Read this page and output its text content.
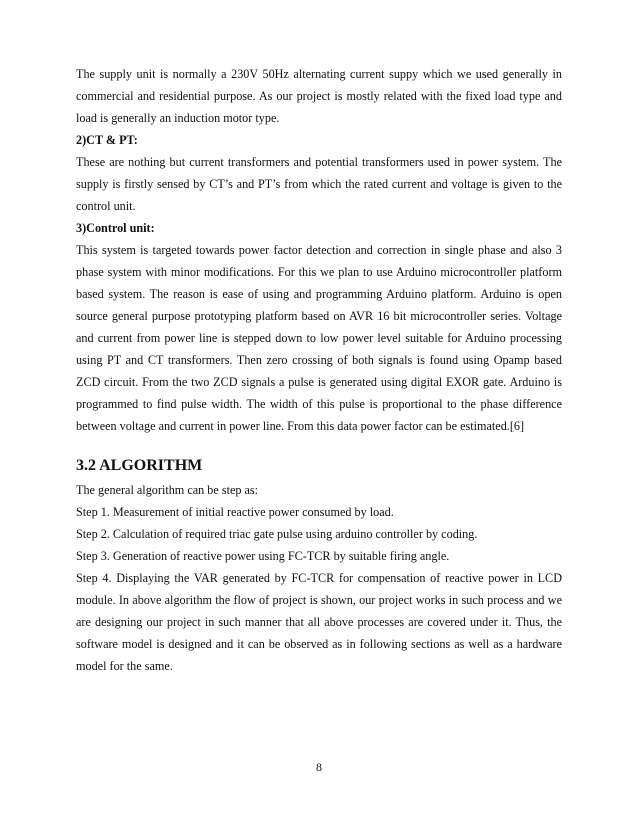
The supply unit is normally a 230V 50Hz alternating current suppy which we used generally in commercial and residential purpose. As our project is mostly related with the fixed load type and load is generally an induction motor type.

2)CT & PT:

These are nothing but current transformers and potential transformers used in power system. The supply is firstly sensed by CT’s and PT’s from which the rated current and voltage is given to the control unit.

3)Control unit:

This system is targeted towards power factor detection and correction in single phase and also 3 phase system with minor modifications. For this we plan to use Arduino microcontroller platform based system. The reason is ease of using and programming Arduino platform. Arduino is open source general purpose prototyping platform based on AVR 16 bit microcontroller series. Voltage and current from power line is stepped down to low power level suitable for Arduino processing using PT and CT transformers. Then zero crossing of both signals is found using Opamp based ZCD circuit. From the two ZCD signals a pulse is generated using digital EXOR gate. Arduino is programmed to find pulse width. The width of this pulse is proportional to the phase difference between voltage and current in power line. From this data power factor can be estimated.[6]

3.2 ALGORITHM

The general algorithm can be step as:

Step 1. Measurement of initial reactive power consumed by load.

Step 2. Calculation of required triac gate pulse using arduino controller by coding.

Step 3. Generation of reactive power using FC-TCR by suitable firing angle.

Step 4. Displaying the VAR generated by FC-TCR for compensation of reactive power in LCD module. In above algorithm the flow of project is shown, our project works in such process and we are designing our project in such manner that all above processes are covered under it. Thus, the software model is designed and it can be observed as in following sections as well as a hardware model for the same.

8
